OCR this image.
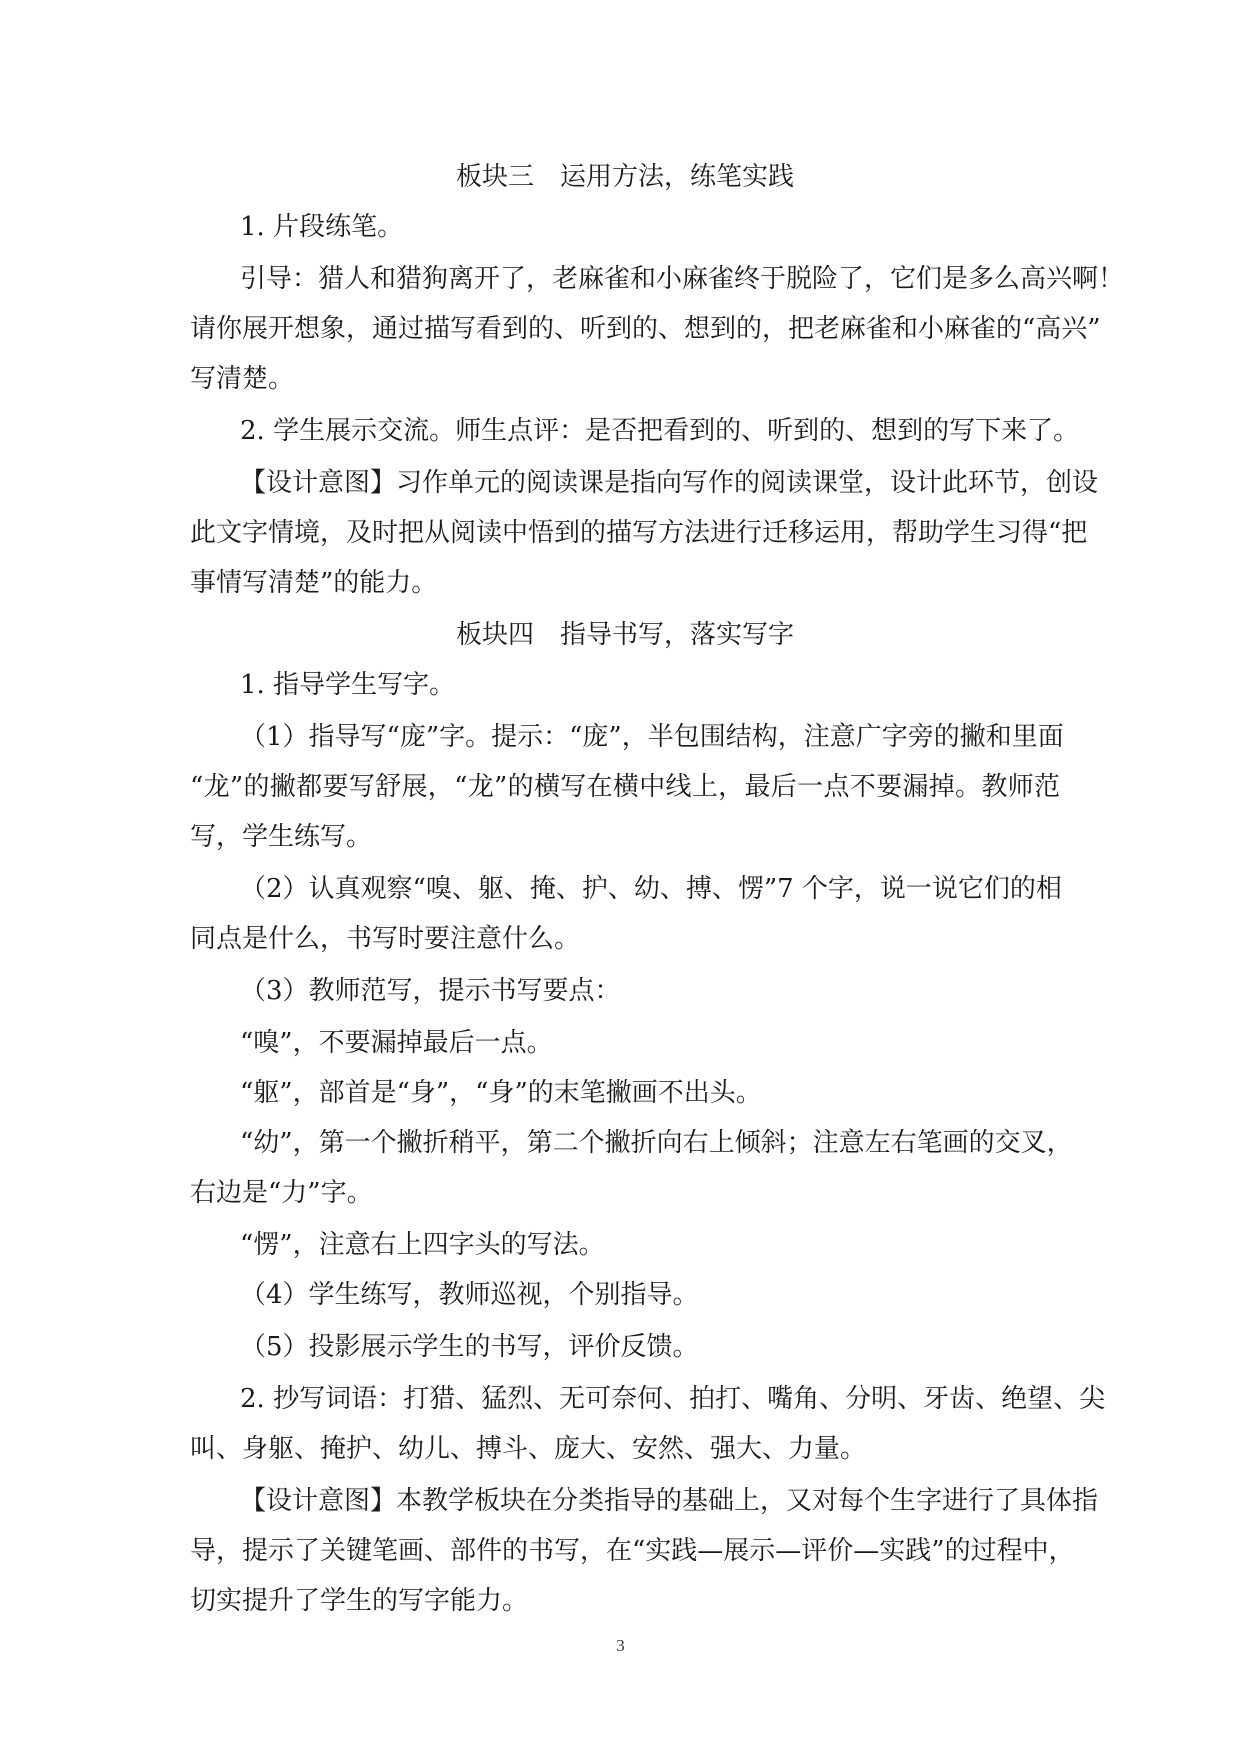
板块三　运用方法，练笔实践
1. 片段练笔。
引导：猎人和猎狗离开了，老麻雀和小麻雀终于脱险了，它们是多么高兴啊！
请你展开想象，通过描写看到的、听到的、想到的，把老麻雀和小麻雀的“高兴”
写清楚。
2. 学生展示交流。师生点评：是否把看到的、听到的、想到的写下来了。
【设计意图】习作单元的阅读课是指向写作的阅读课堂，设计此环节，创设
此文字情境，及时把从阅读中悟到的描写方法进行迁移运用，帮助学生习得“把
事情写清楚”的能力。
板块四　指导书写，落实写字
1. 指导学生写字。
（1）指导写“庞”字。提示：“庞”，半包围结构，注意广字旁的撇和里面
“龙”的撇都要写舒展，“龙”的横写在横中线上，最后一点不要漏掉。教师范
写，学生练写。
（2）认真观察“嗅、躯、掩、护、幼、搏、愣”7 个字，说一说它们的相
同点是什么，书写时要注意什么。
（3）教师范写，提示书写要点：
“嗅”，不要漏掉最后一点。
“躯”，部首是“身”，“身”的末笔撇画不出头。
“幼”，第一个撇折稍平，第二个撇折向右上倾斜；注意左右笔画的交叉，
右边是“力”字。
“愣”，注意右上四字头的写法。
（4）学生练写，教师巡视，个别指导。
（5）投影展示学生的书写，评价反馈。
2. 抄写词语：打猎、猛烈、无可奈何、拍打、嘴角、分明、牙齿、绝望、尖
叫、身躯、掩护、幼儿、搏斗、庞大、安然、强大、力量。
【设计意图】本教学板块在分类指导的基础上，又对每个生字进行了具体指
导，提示了关键笔画、部件的书写，在“实践—展示—评价—实践”的过程中，
切实提升了学生的写字能力。
3
